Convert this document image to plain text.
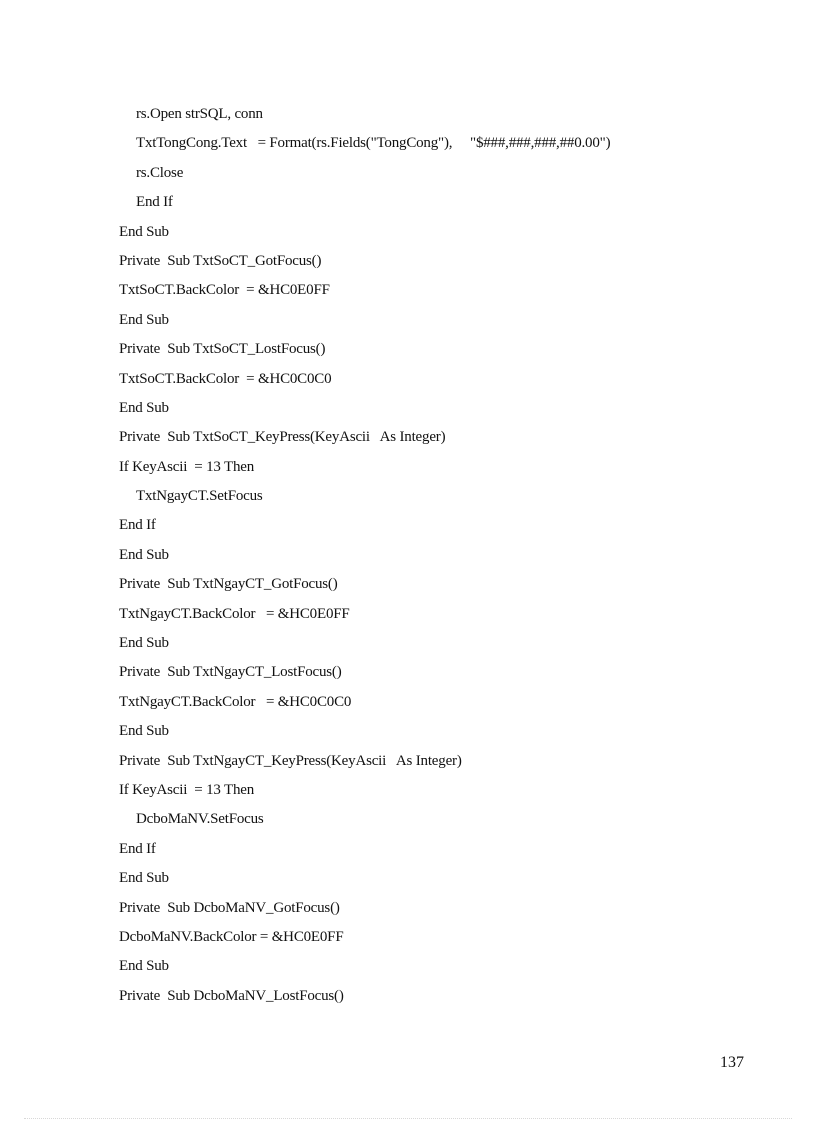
rs.Open strSQL, conn
TxtTongCong.Text   = Format(rs.Fields("TongCong"),     "$###,###,###,##0.00")
rs.Close
End If
End Sub
Private  Sub TxtSoCT_GotFocus()
TxtSoCT.BackColor  = &HC0E0FF
End Sub
Private  Sub TxtSoCT_LostFocus()
TxtSoCT.BackColor  = &HC0C0C0
End Sub
Private  Sub TxtSoCT_KeyPress(KeyAscii   As Integer)
If KeyAscii  = 13 Then
TxtNgayCT.SetFocus
End If
End Sub
Private  Sub TxtNgayCT_GotFocus()
TxtNgayCT.BackColor   = &HC0E0FF
End Sub
Private  Sub TxtNgayCT_LostFocus()
TxtNgayCT.BackColor   = &HC0C0C0
End Sub
Private  Sub TxtNgayCT_KeyPress(KeyAscii   As Integer)
If KeyAscii  = 13 Then
DcboMaNV.SetFocus
End If
End Sub
Private  Sub DcboMaNV_GotFocus()
DcboMaNV.BackColor = &HC0E0FF
End Sub
Private  Sub DcboMaNV_LostFocus()
137
